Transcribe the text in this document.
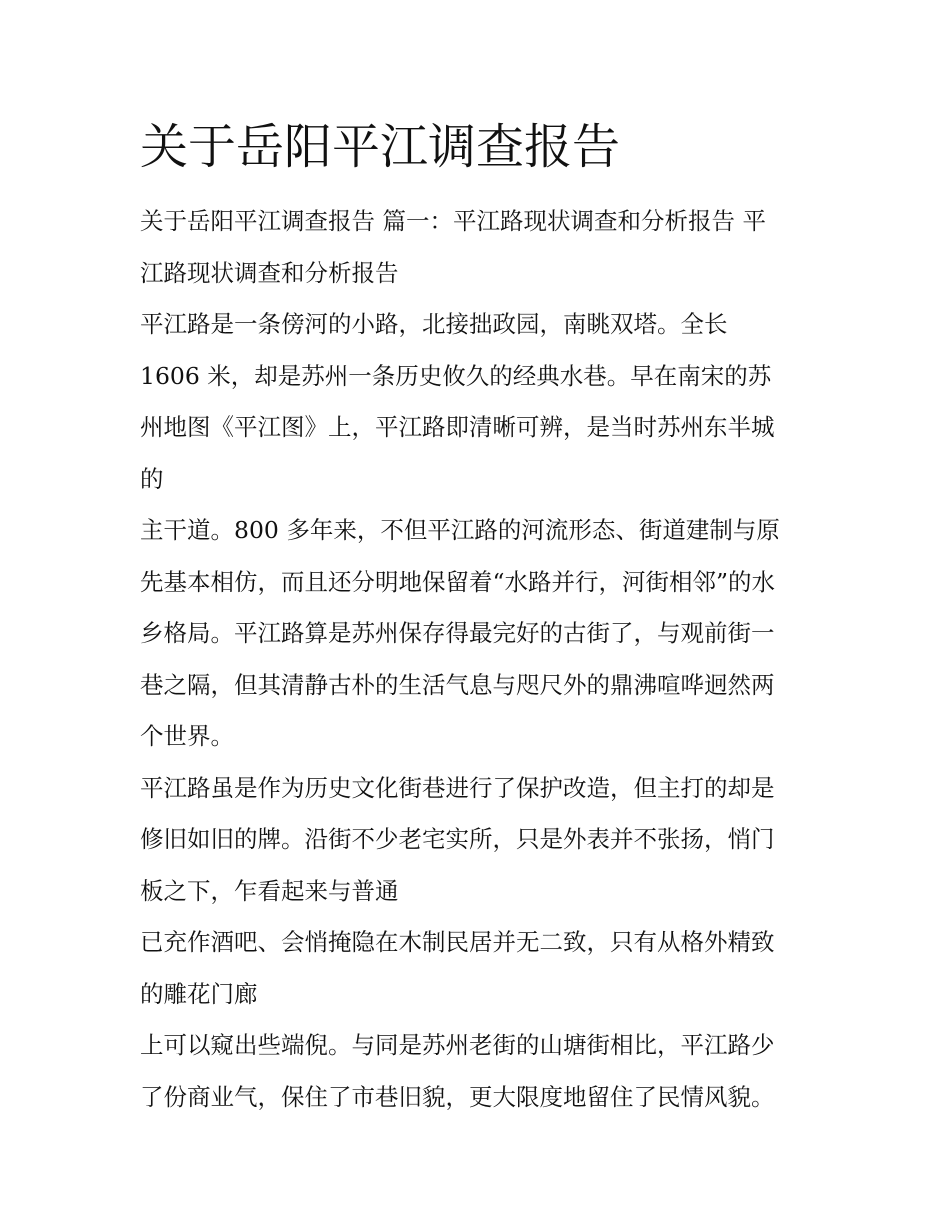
关于岳阳平江调查报告

关于岳阳平江调查报告 篇一：平江路现状调查和分析报告 平

江路现状调查和分析报告

平江路是一条傍河的小路，北接拙政园，南眺双塔。全长

1606 米，却是苏州一条历史攸久的经典水巷。早在南宋的苏

州地图《平江图》上，平江路即清晰可辨，是当时苏州东半城

的

主干道。800 多年来，不但平江路的河流形态、街道建制与原

先基本相仿，而且还分明地保留着“水路并行，河街相邻”的水

乡格局。平江路算是苏州保存得最完好的古街了，与观前街一

巷之隔，但其清静古朴的生活气息与咫尺外的鼎沸喧哗迥然两

个世界。

平江路虽是作为历史文化街巷进行了保护改造，但主打的却是

修旧如旧的牌。沿街不少老宅实所，只是外表并不张扬，悄门

板之下，乍看起来与普通

已充作酒吧、会悄掩隐在木制民居并无二致，只有从格外精致

的雕花门廊

上可以窥出些端倪。与同是苏州老街的山塘街相比，平江路少

了份商业气，保住了市巷旧貌，更大限度地留住了民情风貌。
